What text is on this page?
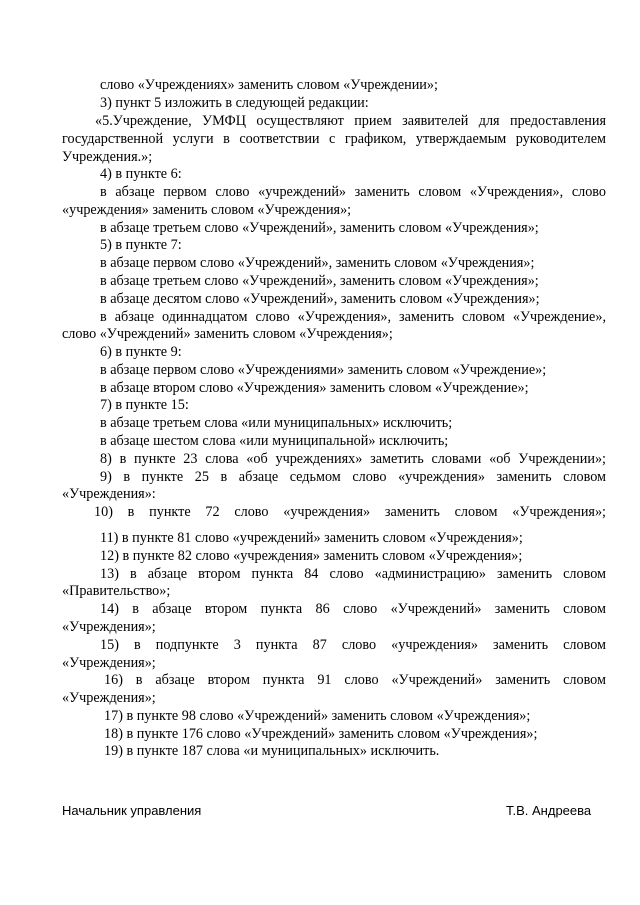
слово «Учреждениях» заменить словом «Учреждении»;
3) пункт 5 изложить в следующей редакции:
«5.Учреждение, УМФЦ осуществляют прием заявителей для предоставления
государственной услуги в соответствии с графиком, утверждаемым руководителем
Учреждения.»;
4) в пункте 6:
в абзаце первом слово «учреждений» заменить словом «Учреждения», слово
«учреждения» заменить словом «Учреждения»;
в абзаце третьем слово «Учреждений», заменить словом «Учреждения»;
5) в пункте 7:
в абзаце первом слово «Учреждений», заменить словом «Учреждения»;
в абзаце третьем слово «Учреждений», заменить словом «Учреждения»;
в абзаце десятом слово «Учреждений», заменить словом «Учреждения»;
в абзаце одиннадцатом слово «Учреждения», заменить словом «Учреждение»,
слово «Учреждений» заменить словом «Учреждения»;
6) в пункте 9:
в абзаце первом слово «Учреждениями» заменить словом «Учреждение»;
в абзаце втором слово «Учреждения» заменить словом «Учреждение»;
7) в пункте 15:
в абзаце третьем слова «или муниципальных» исключить;
в абзаце шестом слова «или муниципальной» исключить;
8) в пункте 23 слова «об учреждениях» заметить словами «об Учреждении»;
9) в пункте 25 в абзаце седьмом слово «учреждения» заменить словом
«Учреждения»:
10) в пункте 72 слово «учреждения» заменить словом «Учреждения»;
11) в пункте 81 слово «учреждений» заменить словом «Учреждения»;
12) в пункте 82 слово «учреждения» заменить словом «Учреждения»;
13) в абзаце втором пункта 84 слово «администрацию» заменить словом
«Правительство»;
14) в абзаце втором пункта 86 слово «Учреждений» заменить словом
«Учреждения»;
15) в подпункте 3 пункта 87 слово «учреждения» заменить словом
«Учреждения»;
16) в абзаце втором пункта 91 слово «Учреждений» заменить словом
«Учреждения»;
17) в пункте 98 слово «Учреждений» заменить словом «Учреждения»;
18) в пункте 176 слово «Учреждений» заменить словом «Учреждения»;
19) в пункте 187 слова «и муниципальных» исключить.
Начальник управления	Т.В. Андреева
